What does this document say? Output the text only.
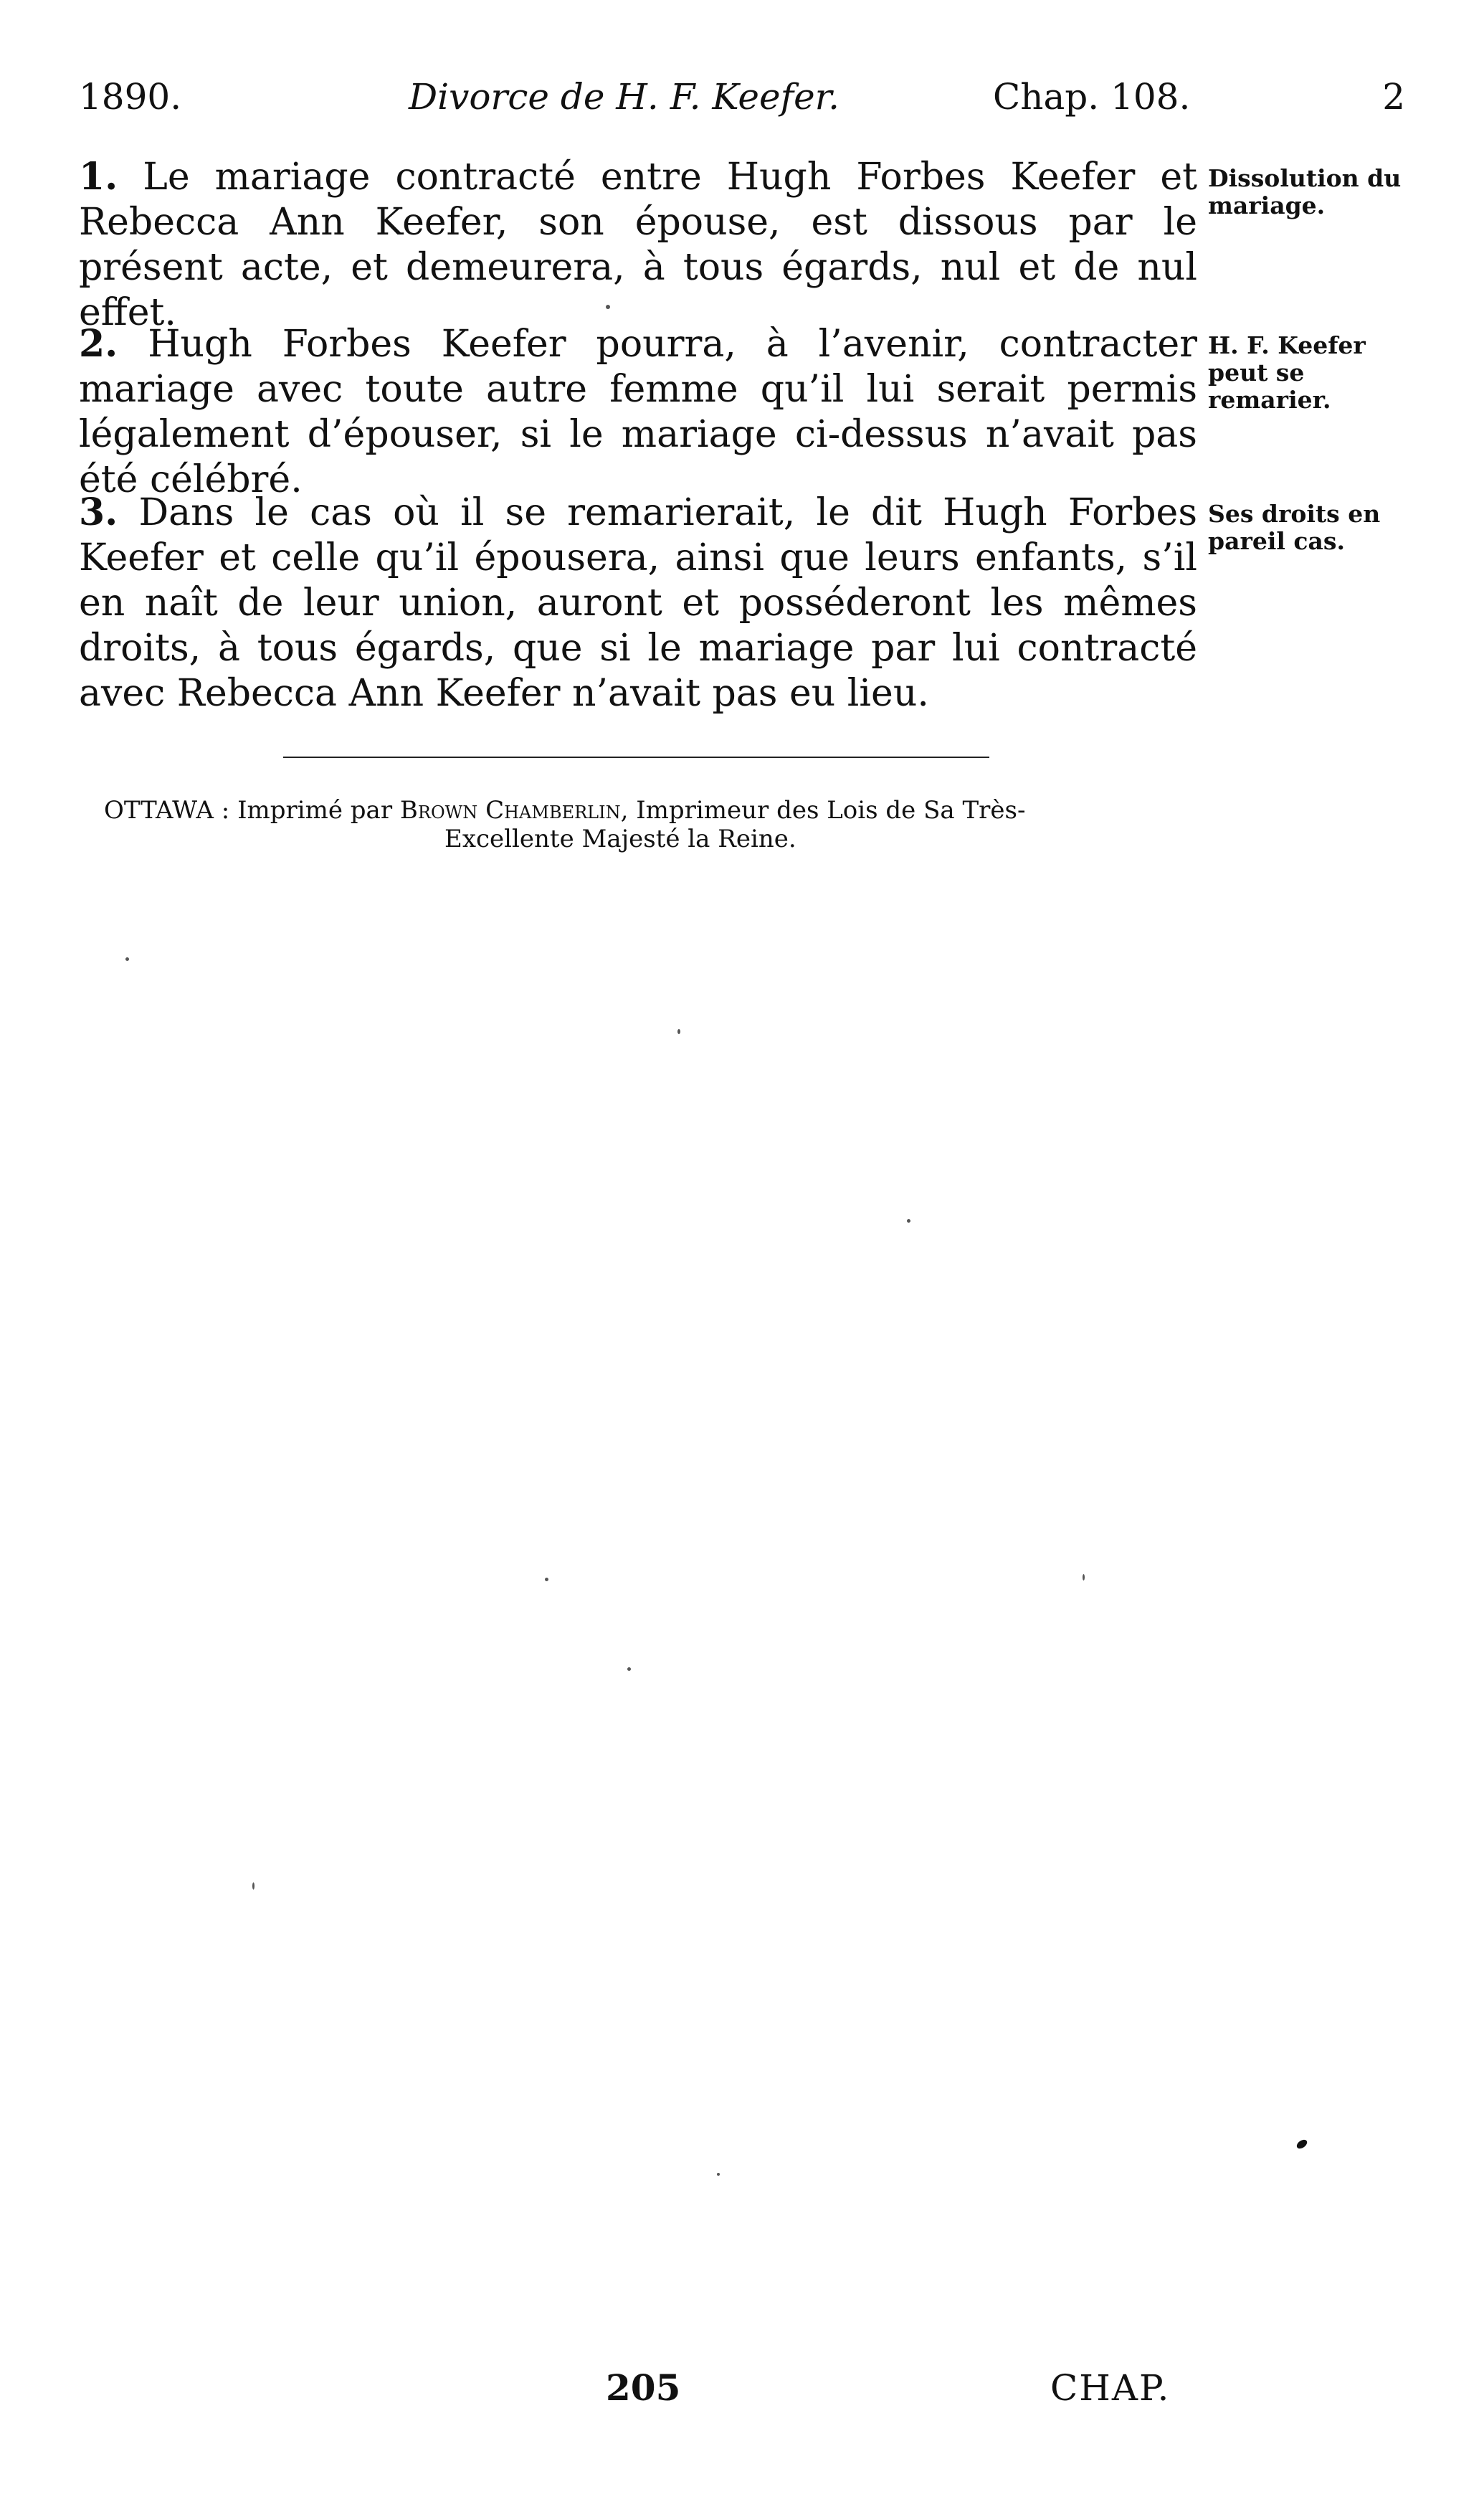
1890.	Divorce de H. F. Keefer.	Chap. 108.	2
1. Le mariage contracté entre Hugh Forbes Keefer et Rebecca Ann Keefer, son épouse, est dissous par le présent acte, et demeurera, à tous égards, nul et de nul effet.
Dissolution du mariage.
2. Hugh Forbes Keefer pourra, à l’avenir, contracter mariage avec toute autre femme qu’il lui serait permis légalement d’épouser, si le mariage ci-dessus n’avait pas été célébré.
H. F. Keefer peut se remarier.
3. Dans le cas où il se remarierait, le dit Hugh Forbes Keefer et celle qu’il épousera, ainsi que leurs enfants, s’il en naît de leur union, auront et posséderont les mêmes droits, à tous égards, que si le mariage par lui contracté avec Rebecca Ann Keefer n’avait pas eu lieu.
Ses droits en pareil cas.
OTTAWA : Imprimé par Brown Chamberlin, Imprimeur des Lois de Sa Très-
Excellente Majesté la Reine.
205	CHAP.
